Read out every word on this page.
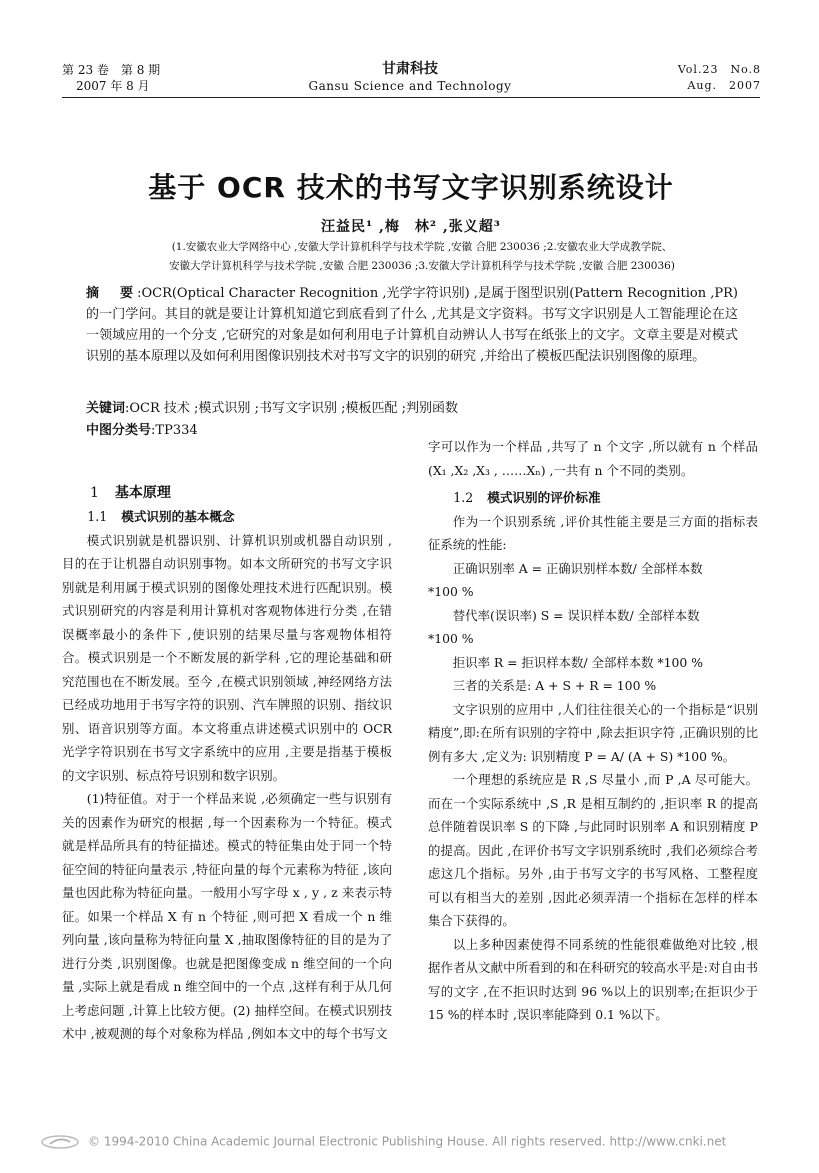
第 23 卷　第 8 期
2007 年 8 月
甘肃科技
Gansu Science and Technology
Vol.23　No.8
Aug.　2007
基于 OCR 技术的书写文字识别系统设计
汪益民¹ ,梅　林² ,张义超³
(1.安徽农业大学网络中心 ,安徽大学计算机科学与技术学院 ,安徽 合肥 230036 ;2.安徽农业大学成教学院、
安徽大学计算机科学与技术学院 ,安徽 合肥 230036 ;3.安徽大学计算机科学与技术学院 ,安徽 合肥 230036)
摘　要:OCR(Optical Character Recognition ,光学字符识别) ,是属于图型识别(Pattern Recognition ,PR)的一门学问。其目的就是要让计算机知道它到底看到了什么 ,尤其是文字资料。书写文字识别是人工智能理论在这一领域应用的一个分支 ,它研究的对象是如何利用电子计算机自动辨认人书写在纸张上的文字。文章主要是对模式识别的基本原理以及如何利用图像识别技术对书写文字的识别的研究 ,并给出了模板匹配法识别图像的原理。
关键词:OCR 技术 ;模式识别 ;书写文字识别 ;模板匹配 ;判别函数
中图分类号:TP334

1 基本原理

1.1 模式识别的基本概念

模式识别就是机器识别、计算机识别或机器自动识别 ,目的在于让机器自动识别事物。如本文所研究的书写文字识别就是利用属于模式识别的图像处理技术进行匹配识别。模式识别研究的内容是利用计算机对客观物体进行分类 ,在错误概率最小的条件下 ,使识别的结果尽量与客观物体相符合。模式识别是一个不断发展的新学科 ,它的理论基础和研究范围也在不断发展。至今 ,在模式识别领域 ,神经网络方法已经成功地用于书写字符的识别、汽车牌照的识别、指纹识别、语音识别等方面。本文将重点讲述模式识别中的 OCR 光学字符识别在书写文字系统中的应用 ,主要是指基于模板的文字识别、标点符号识别和数字识别。

(1)特征值。对于一个样品来说 ,必须确定一些与识别有关的因素作为研究的根据 ,每一个因素称为一个特征。模式就是样品所具有的特征描述。模式的特征集由处于同一个特征空间的特征向量表示 ,特征向量的每个元素称为特征 ,该向量也因此称为特征向量。一般用小写字母 x , y , z 来表示特征。如果一个样品 X 有 n 个特征 ,则可把 X 看成一个 n 维列向量 ,该向量称为特征向量 X ,抽取图像特征的目的是为了进行分类 ,识别图像。也就是把图像变成 n 维空间的一个向量 ,实际上就是看成 n 维空间中的一个点 ,这样有利于从几何上考虑问题 ,计算上比较方便。(2) 抽样空间。在模式识别技术中 ,被观测的每个对象称为样品 ,例如本文中的每个书写文

字可以作为一个样品 ,共写了 n 个文字 ,所以就有 n 个样品(X₁ ,X₂ ,X₃ , ……Xₙ) ,一共有 n 个不同的类别。

1.2 模式识别的评价标准

作为一个识别系统 ,评价其性能主要是三方面的指标表征系统的性能:

正确识别率 A = 正确识别样本数/ 全部样本数

*100 %

替代率(误识率) S = 误识样本数/ 全部样本数

*100 %

拒识率 R = 拒识样本数/ 全部样本数 *100 %

三者的关系是: A + S + R = 100 %

文字识别的应用中 ,人们往往很关心的一个指标是“识别精度”,即:在所有识别的字符中 ,除去拒识字符 ,正确识别的比例有多大 ,定义为: 识别精度 P = A/ (A + S) *100 %。

一个理想的系统应是 R ,S 尽量小 ,而 P ,A 尽可能大。而在一个实际系统中 ,S ,R 是相互制约的 ,拒识率 R 的提高总伴随着误识率 S 的下降 ,与此同时识别率 A 和识别精度 P 的提高。因此 ,在评价书写文字识别系统时 ,我们必须综合考虑这几个指标。另外 ,由于书写文字的书写风格、工整程度可以有相当大的差别 ,因此必须弄清一个指标在怎样的样本集合下获得的。

以上多种因素使得不同系统的性能很难做绝对比较 ,根据作者从文献中所看到的和在科研究的较高水平是:对自由书写的文字 ,在不拒识时达到 96 %以上的识别率;在拒识少于 15 %的样本时 ,误识率能降到 0.1 %以下。

© 1994-2010 China Academic Journal Electronic Publishing House. All rights reserved. http://www.cnki.net
